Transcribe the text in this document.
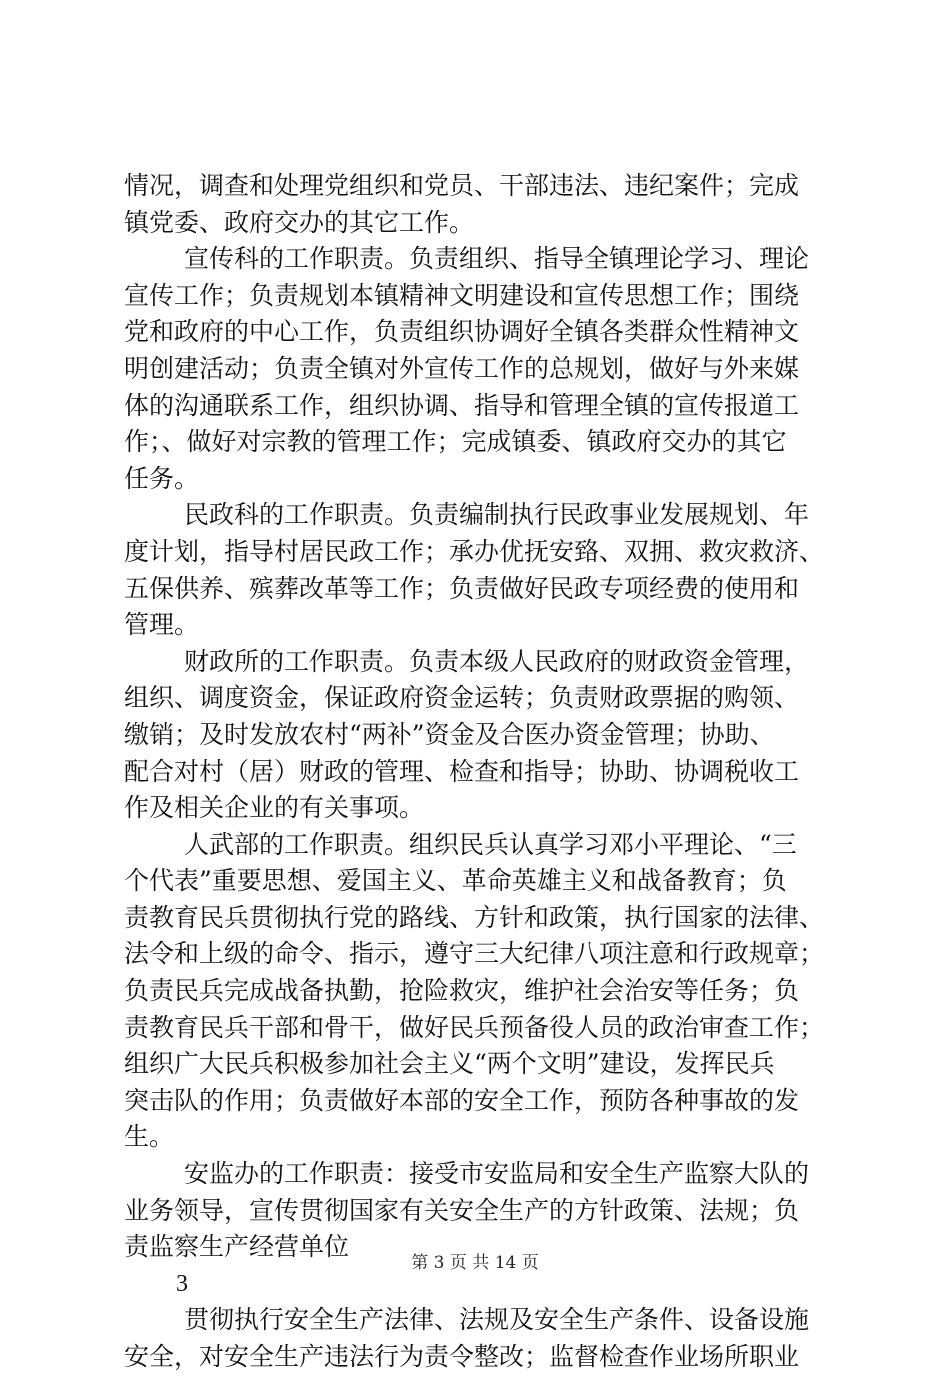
情况，调查和处理党组织和党员、干部违法、违纪案件；完成
镇党委、政府交办的其它工作。
宣传科的工作职责。负责组织、指导全镇理论学习、理论
宣传工作；负责规划本镇精神文明建设和宣传思想工作；围绕
党和政府的中心工作，负责组织协调好全镇各类群众性精神文
明创建活动；负责全镇对外宣传工作的总规划，做好与外来媒
体的沟通联系工作，组织协调、指导和管理全镇的宣传报道工
作；、做好对宗教的管理工作；完成镇委、镇政府交办的其它
任务。
民政科的工作职责。负责编制执行民政事业发展规划、年
度计划，指导村居民政工作；承办优抚安臵、双拥、救灾救济、
五保供养、殡葬改革等工作；负责做好民政专项经费的使用和
管理。
财政所的工作职责。负责本级人民政府的财政资金管理，
组织、调度资金，保证政府资金运转；负责财政票据的购领、
缴销；及时发放农村“两补”资金及合医办资金管理；协助、
配合对村（居）财政的管理、检查和指导；协助、协调税收工
作及相关企业的有关事项。
人武部的工作职责。组织民兵认真学习邓小平理论、“三
个代表”重要思想、爱国主义、革命英雄主义和战备教育；负
责教育民兵贯彻执行党的路线、方针和政策，执行国家的法律、
法令和上级的命令、指示，遵守三大纪律八项注意和行政规章；
负责民兵完成战备执勤，抢险救灾，维护社会治安等任务；负
责教育民兵干部和骨干，做好民兵预备役人员的政治审查工作；
组织广大民兵积极参加社会主义“两个文明”建设，发挥民兵
突击队的作用；负责做好本部的安全工作，预防各种事故的发
生。
安监办的工作职责：接受市安监局和安全生产监察大队的
业务领导，宣传贯彻国家有关安全生产的方针政策、法规；负
责监察生产经营单位
3
贯彻执行安全生产法律、法规及安全生产条件、设备设施
安全，对安全生产违法行为责令整改；监督检查作业场所职业
第 3 页 共 14 页
